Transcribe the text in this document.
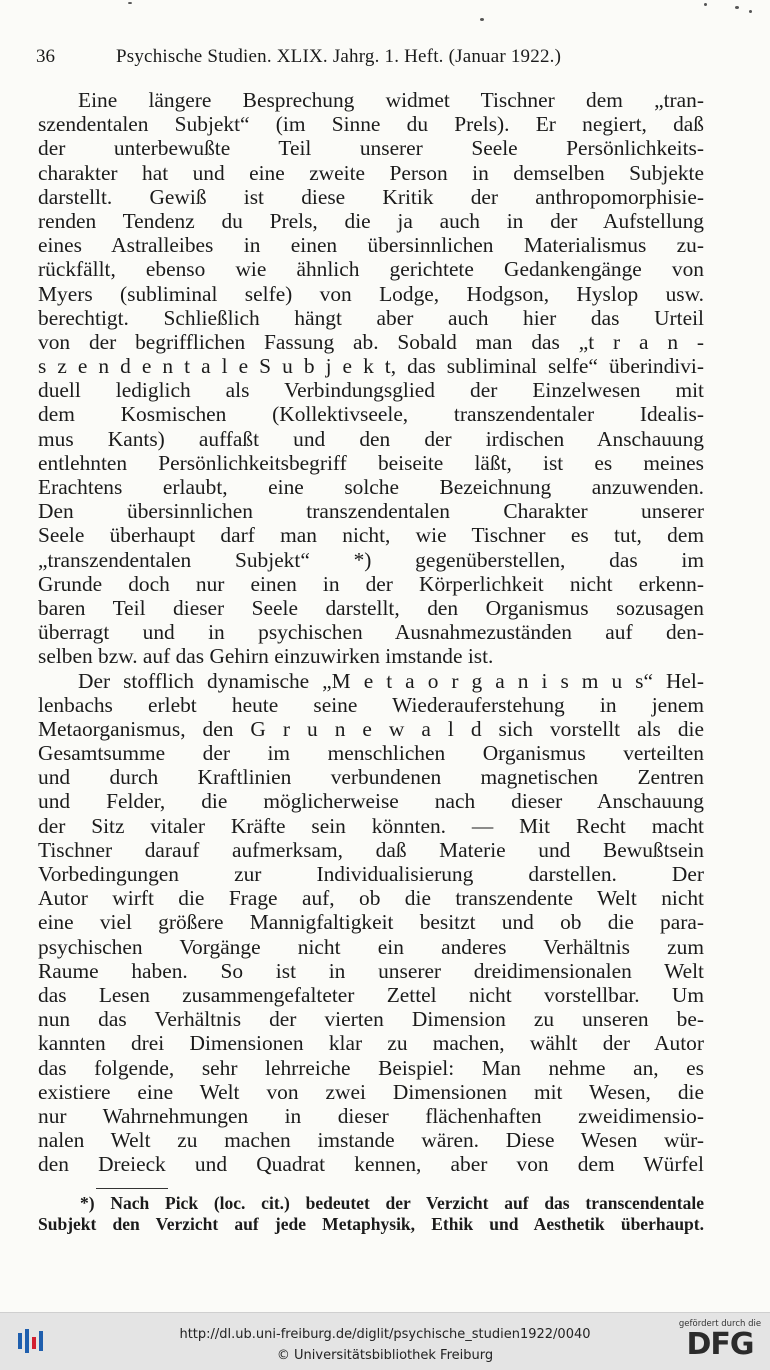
36	Psychische Studien. XLIX. Jahrg. 1. Heft. (Januar 1922.)
Eine längere Besprechung widmet Tischner dem „tran-
szendentalen Subjekt“ (im Sinne du Prels). Er negiert, daß
der unterbewußte Teil unserer Seele Persönlichkeits-
charakter hat und eine zweite Person in demselben Subjekte
darstellt. Gewiß ist diese Kritik der anthropomorphisie-
renden Tendenz du Prels, die ja auch in der Aufstellung
eines Astralleibes in einen übersinnlichen Materialismus zu-
rückfällt, ebenso wie ähnlich gerichtete Gedankengänge von
Myers (subliminal selfe) von Lodge, Hodgson, Hyslop usw.
berechtigt. Schließlich hängt aber auch hier das Urteil
von der begrifflichen Fassung ab. Sobald man das „t r a n -
s z e n d e n t a l e S u b j e k t, das subliminal selfe“ überindivi-
duell lediglich als Verbindungsglied der Einzelwesen mit
dem Kosmischen (Kollektivseele, transzendentaler Idealis-
mus Kants) auffaßt und den der irdischen Anschauung
entlehnten Persönlichkeitsbegriff beiseite läßt, ist es meines
Erachtens erlaubt, eine solche Bezeichnung anzuwenden.
Den übersinnlichen transzendentalen Charakter unserer
Seele überhaupt darf man nicht, wie Tischner es tut, dem
„transzendentalen Subjekt“ *) gegenüberstellen, das im
Grunde doch nur einen in der Körperlichkeit nicht erkenn-
baren Teil dieser Seele darstellt, den Organismus sozusagen
überragt und in psychischen Ausnahmezuständen auf den-
selben bzw. auf das Gehirn einzuwirken imstande ist.
Der stofflich dynamische „M e t a o r g a n i s m u s“ Hel-
lenbachs erlebt heute seine Wiederauferstehung in jenem
Metaorganismus, den G r u n e w a l d sich vorstellt als die
Gesamtsumme der im menschlichen Organismus verteilten
und durch Kraftlinien verbundenen magnetischen Zentren
und Felder, die möglicherweise nach dieser Anschauung
der Sitz vitaler Kräfte sein könnten. — Mit Recht macht
Tischner darauf aufmerksam, daß Materie und Bewußtsein
Vorbedingungen zur Individualisierung darstellen. Der
Autor wirft die Frage auf, ob die transzendente Welt nicht
eine viel größere Mannigfaltigkeit besitzt und ob die para-
psychischen Vorgänge nicht ein anderes Verhältnis zum
Raume haben. So ist in unserer dreidimensionalen Welt
das Lesen zusammengefalteter Zettel nicht vorstellbar. Um
nun das Verhältnis der vierten Dimension zu unseren be-
kannten drei Dimensionen klar zu machen, wählt der Autor
das folgende, sehr lehrreiche Beispiel: Man nehme an, es
existiere eine Welt von zwei Dimensionen mit Wesen, die
nur Wahrnehmungen in dieser flächenhaften zweidimensio-
nalen Welt zu machen imstande wären. Diese Wesen wür-
den Dreieck und Quadrat kennen, aber von dem Würfel
*) Nach Pick (loc. cit.) bedeutet der Verzicht auf das transcendentale
Subjekt den Verzicht auf jede Metaphysik, Ethik und Aesthetik überhaupt.
http://dl.ub.uni-freiburg.de/diglit/psychische_studien1922/0040
© Universitätsbibliothek Freiburg
gefördert durch die
DFG
